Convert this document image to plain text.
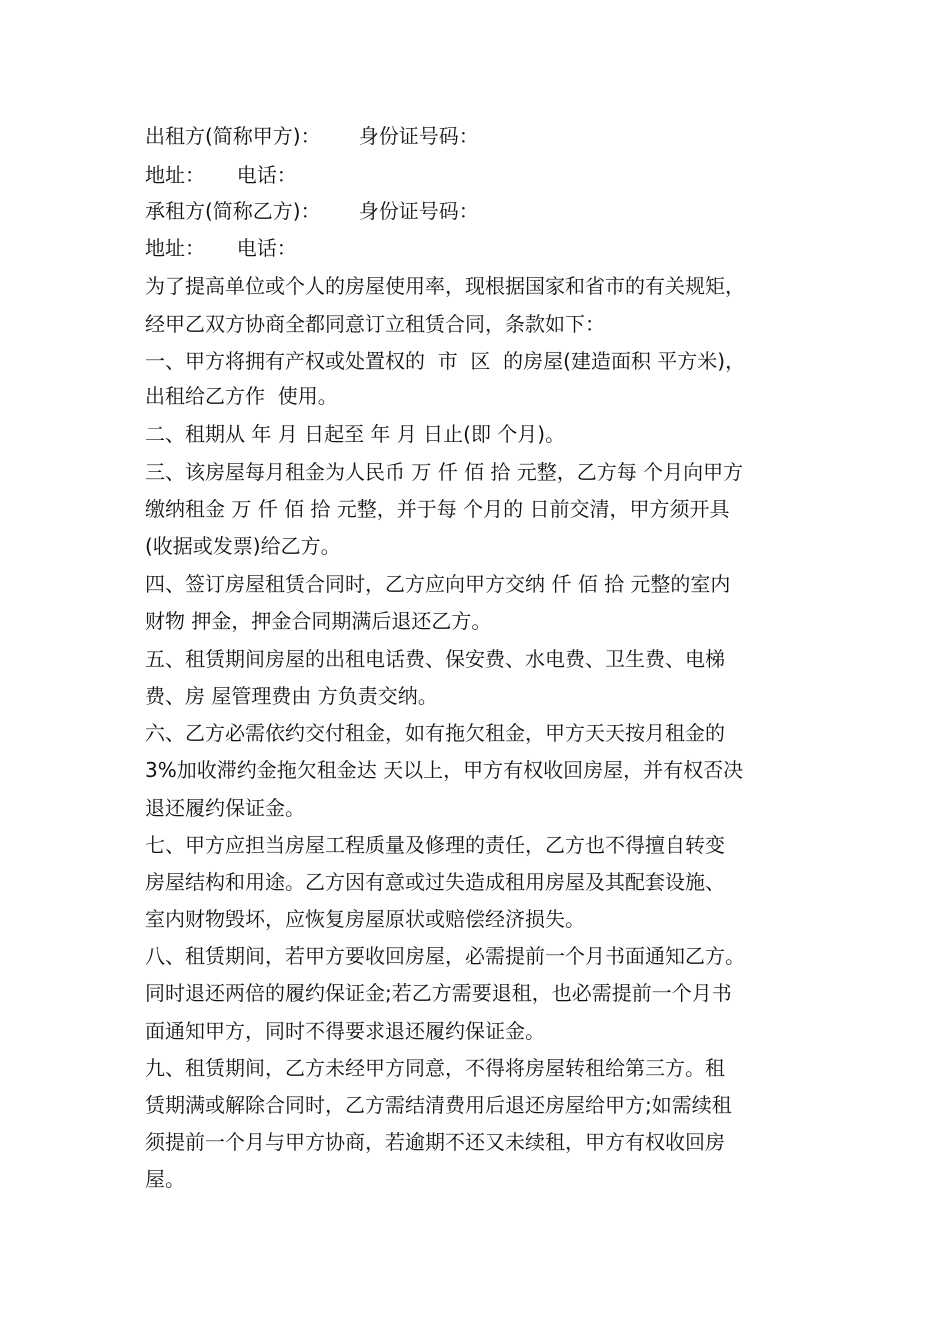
出租方(简称甲方)：      身份证号码：
地址：     电话：
承租方(简称乙方)：      身份证号码：
地址：     电话：
为了提高单位或个人的房屋使用率，现根据国家和省市的有关规矩，
经甲乙双方协商全都同意订立租赁合同，条款如下：
一、甲方将拥有产权或处置权的  市  区  的房屋(建造面积 平方米)，
出租给乙方作  使用。
二、租期从 年 月 日起至 年 月 日止(即 个月)。
三、该房屋每月租金为人民币 万 仟 佰 拾 元整，乙方每 个月向甲方
缴纳租金 万 仟 佰 拾 元整，并于每 个月的 日前交清，甲方须开具
(收据或发票)给乙方。
四、签订房屋租赁合同时，乙方应向甲方交纳 仟 佰 拾 元整的室内
财物 押金，押金合同期满后退还乙方。
五、租赁期间房屋的出租电话费、保安费、水电费、卫生费、电梯
费、房 屋管理费由 方负责交纳。
六、乙方必需依约交付租金，如有拖欠租金，甲方天天按月租金的
3%加收滞约金拖欠租金达 天以上，甲方有权收回房屋，并有权否决
退还履约保证金。
七、甲方应担当房屋工程质量及修理的责任，乙方也不得擅自转变
房屋结构和用途。乙方因有意或过失造成租用房屋及其配套设施、
室内财物毁坏，应恢复房屋原状或赔偿经济损失。
八、租赁期间，若甲方要收回房屋，必需提前一个月书面通知乙方。
同时退还两倍的履约保证金;若乙方需要退租，也必需提前一个月书
面通知甲方，同时不得要求退还履约保证金。
九、租赁期间，乙方未经甲方同意，不得将房屋转租给第三方。租
赁期满或解除合同时，乙方需结清费用后退还房屋给甲方;如需续租
须提前一个月与甲方协商，若逾期不还又未续租，甲方有权收回房
屋。
